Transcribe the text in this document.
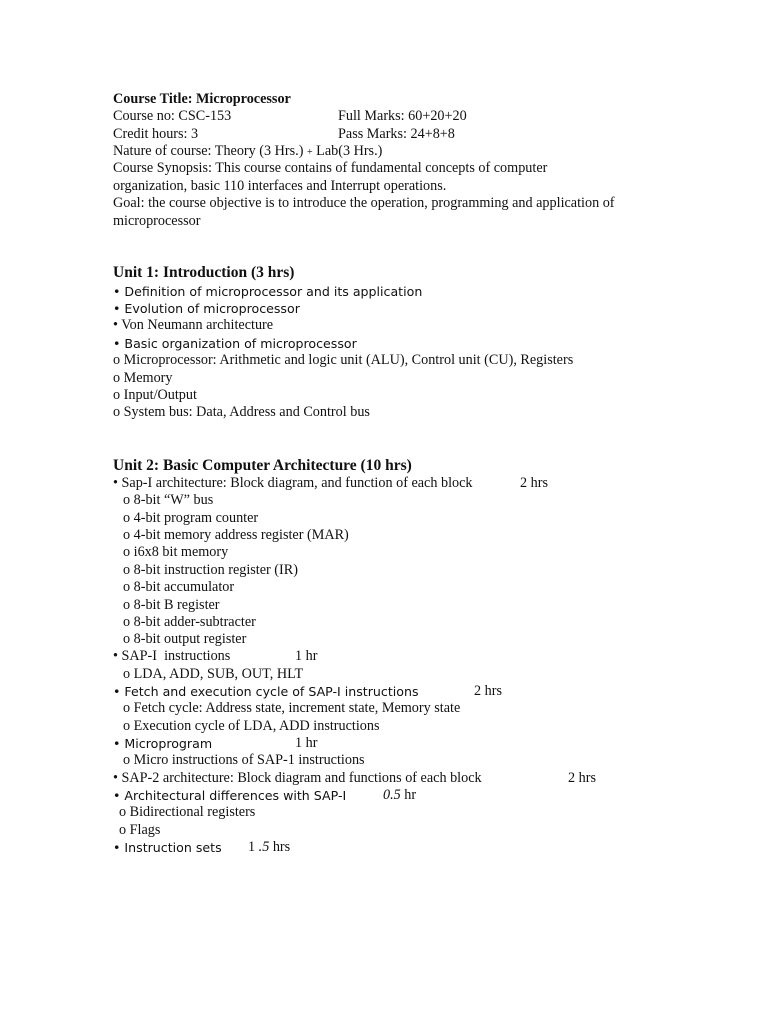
Course Title: Microprocessor
Course no: CSC-153	Full Marks: 60+20+20
Credit hours: 3	Pass Marks: 24+8+8
Nature of course: Theory (3 Hrs.) + Lab(3 Hrs.)
Course Synopsis: This course contains of fundamental concepts of computer
organization, basic 110 interfaces and Interrupt operations.
Goal: the course objective is to introduce the operation, programming and application of
microprocessor
Unit 1: Introduction (3 hrs)
• Definition of microprocessor and its application
• Evolution of microprocessor
• Von Neumann architecture
• Basic organization of microprocessor
o Microprocessor: Arithmetic and logic unit (ALU), Control unit (CU), Registers
o Memory
o Input/Output
o System bus: Data, Address and Control bus
Unit 2: Basic Computer Architecture (10 hrs)
• Sap-I architecture: Block diagram, and function of each block	2 hrs
o 8-bit “W” bus
o 4-bit program counter
o 4-bit memory address register (MAR)
o i6x8 bit memory
o 8-bit instruction register (IR)
o 8-bit accumulator
o 8-bit B register
o 8-bit adder-subtracter
o 8-bit output register
• SAP-I  instructions	1 hr
o LDA, ADD, SUB, OUT, HLT
• Fetch and execution cycle of SAP-I instructions	2 hrs
o Fetch cycle: Address state, increment state, Memory state
o Execution cycle of LDA, ADD instructions
• Microprogram	1 hr
o Micro instructions of SAP-1 instructions
• SAP-2 architecture: Block diagram and functions of each block	2 hrs
• Architectural differences with SAP-I	0.5 hr
o Bidirectional registers
o Flags
• Instruction sets 1 .5 hrs
